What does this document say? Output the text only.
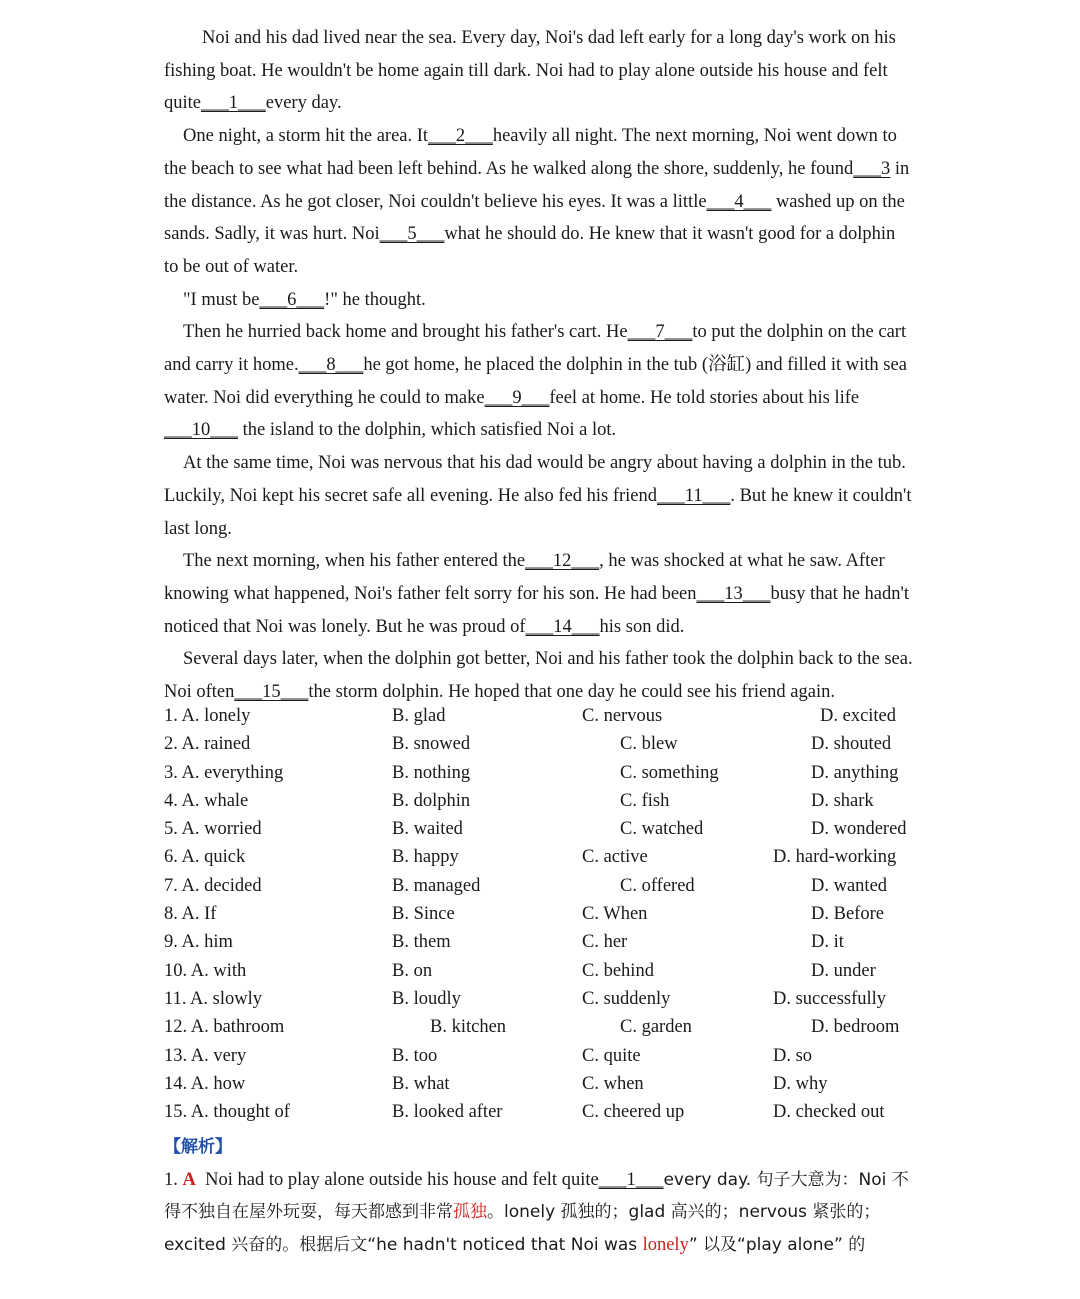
Noi and his dad lived near the sea. Every day, Noi's dad left early for a long day's work on his fishing boat. He wouldn't be home again till dark. Noi had to play alone outside his house and felt quite___1___every day.

One night, a storm hit the area. It___2___heavily all night. The next morning, Noi went down to the beach to see what had been left behind. As he walked along the shore, suddenly, he found___3 in the distance. As he got closer, Noi couldn't believe his eyes. It was a little___4___ washed up on the sands. Sadly, it was hurt. Noi___5___what he should do. He knew that it wasn't good for a dolphin to be out of water.

"I must be___6___!" he thought.

Then he hurried back home and brought his father's cart. He___7___to put the dolphin on the cart and carry it home.___8___he got home, he placed the dolphin in the tub (浴缸) and filled it with sea water. Noi did everything he could to make___9___feel at home. He told stories about his life___10___ the island to the dolphin, which satisfied Noi a lot.

At the same time, Noi was nervous that his dad would be angry about having a dolphin in the tub. Luckily, Noi kept his secret safe all evening. He also fed his friend___11___. But he knew it couldn't last long.

The next morning, when his father entered the___12___, he was shocked at what he saw. After knowing what happened, Noi's father felt sorry for his son. He had been___13___busy that he hadn't noticed that Noi was lonely. But he was proud of___14___his son did.

Several days later, when the dolphin got better, Noi and his father took the dolphin back to the sea. Noi often___15___the storm dolphin. He hoped that one day he could see his friend again.

1. A. lonely	B. glad	C. nervous	D. excited
2. A. rained	B. snowed	C. blew	D. shouted
3. A. everything	B. nothing	C. something	D. anything
4. A. whale	B. dolphin	C. fish	D. shark
5. A. worried	B. waited	C. watched	D. wondered
6. A. quick	B. happy	C. active	D. hard-working
7. A. decided	B. managed	C. offered	D. wanted
8. A. If	B. Since	C. When	D. Before
9. A. him	B. them	C. her	D. it
10. A. with	B. on	C. behind	D. under
11. A. slowly	B. loudly	C. suddenly	D. successfully
12. A. bathroom	B. kitchen	C. garden	D. bedroom
13. A. very	B. too	C. quite	D. so
14. A. how	B. what	C. when	D. why
15. A. thought of	B. looked after	C. cheered up	D. checked out
【解析】
1. A Noi had to play alone outside his house and felt quite___1___every day. 句子大意为：Noi 不得不独自在屋外玩耍，每天都感到非常孤独。lonely 孤独的；glad 高兴的；nervous 紧张的；excited 兴奋的。根据后文“he hadn't noticed that Noi was lonely” 以及“play alone” 的
